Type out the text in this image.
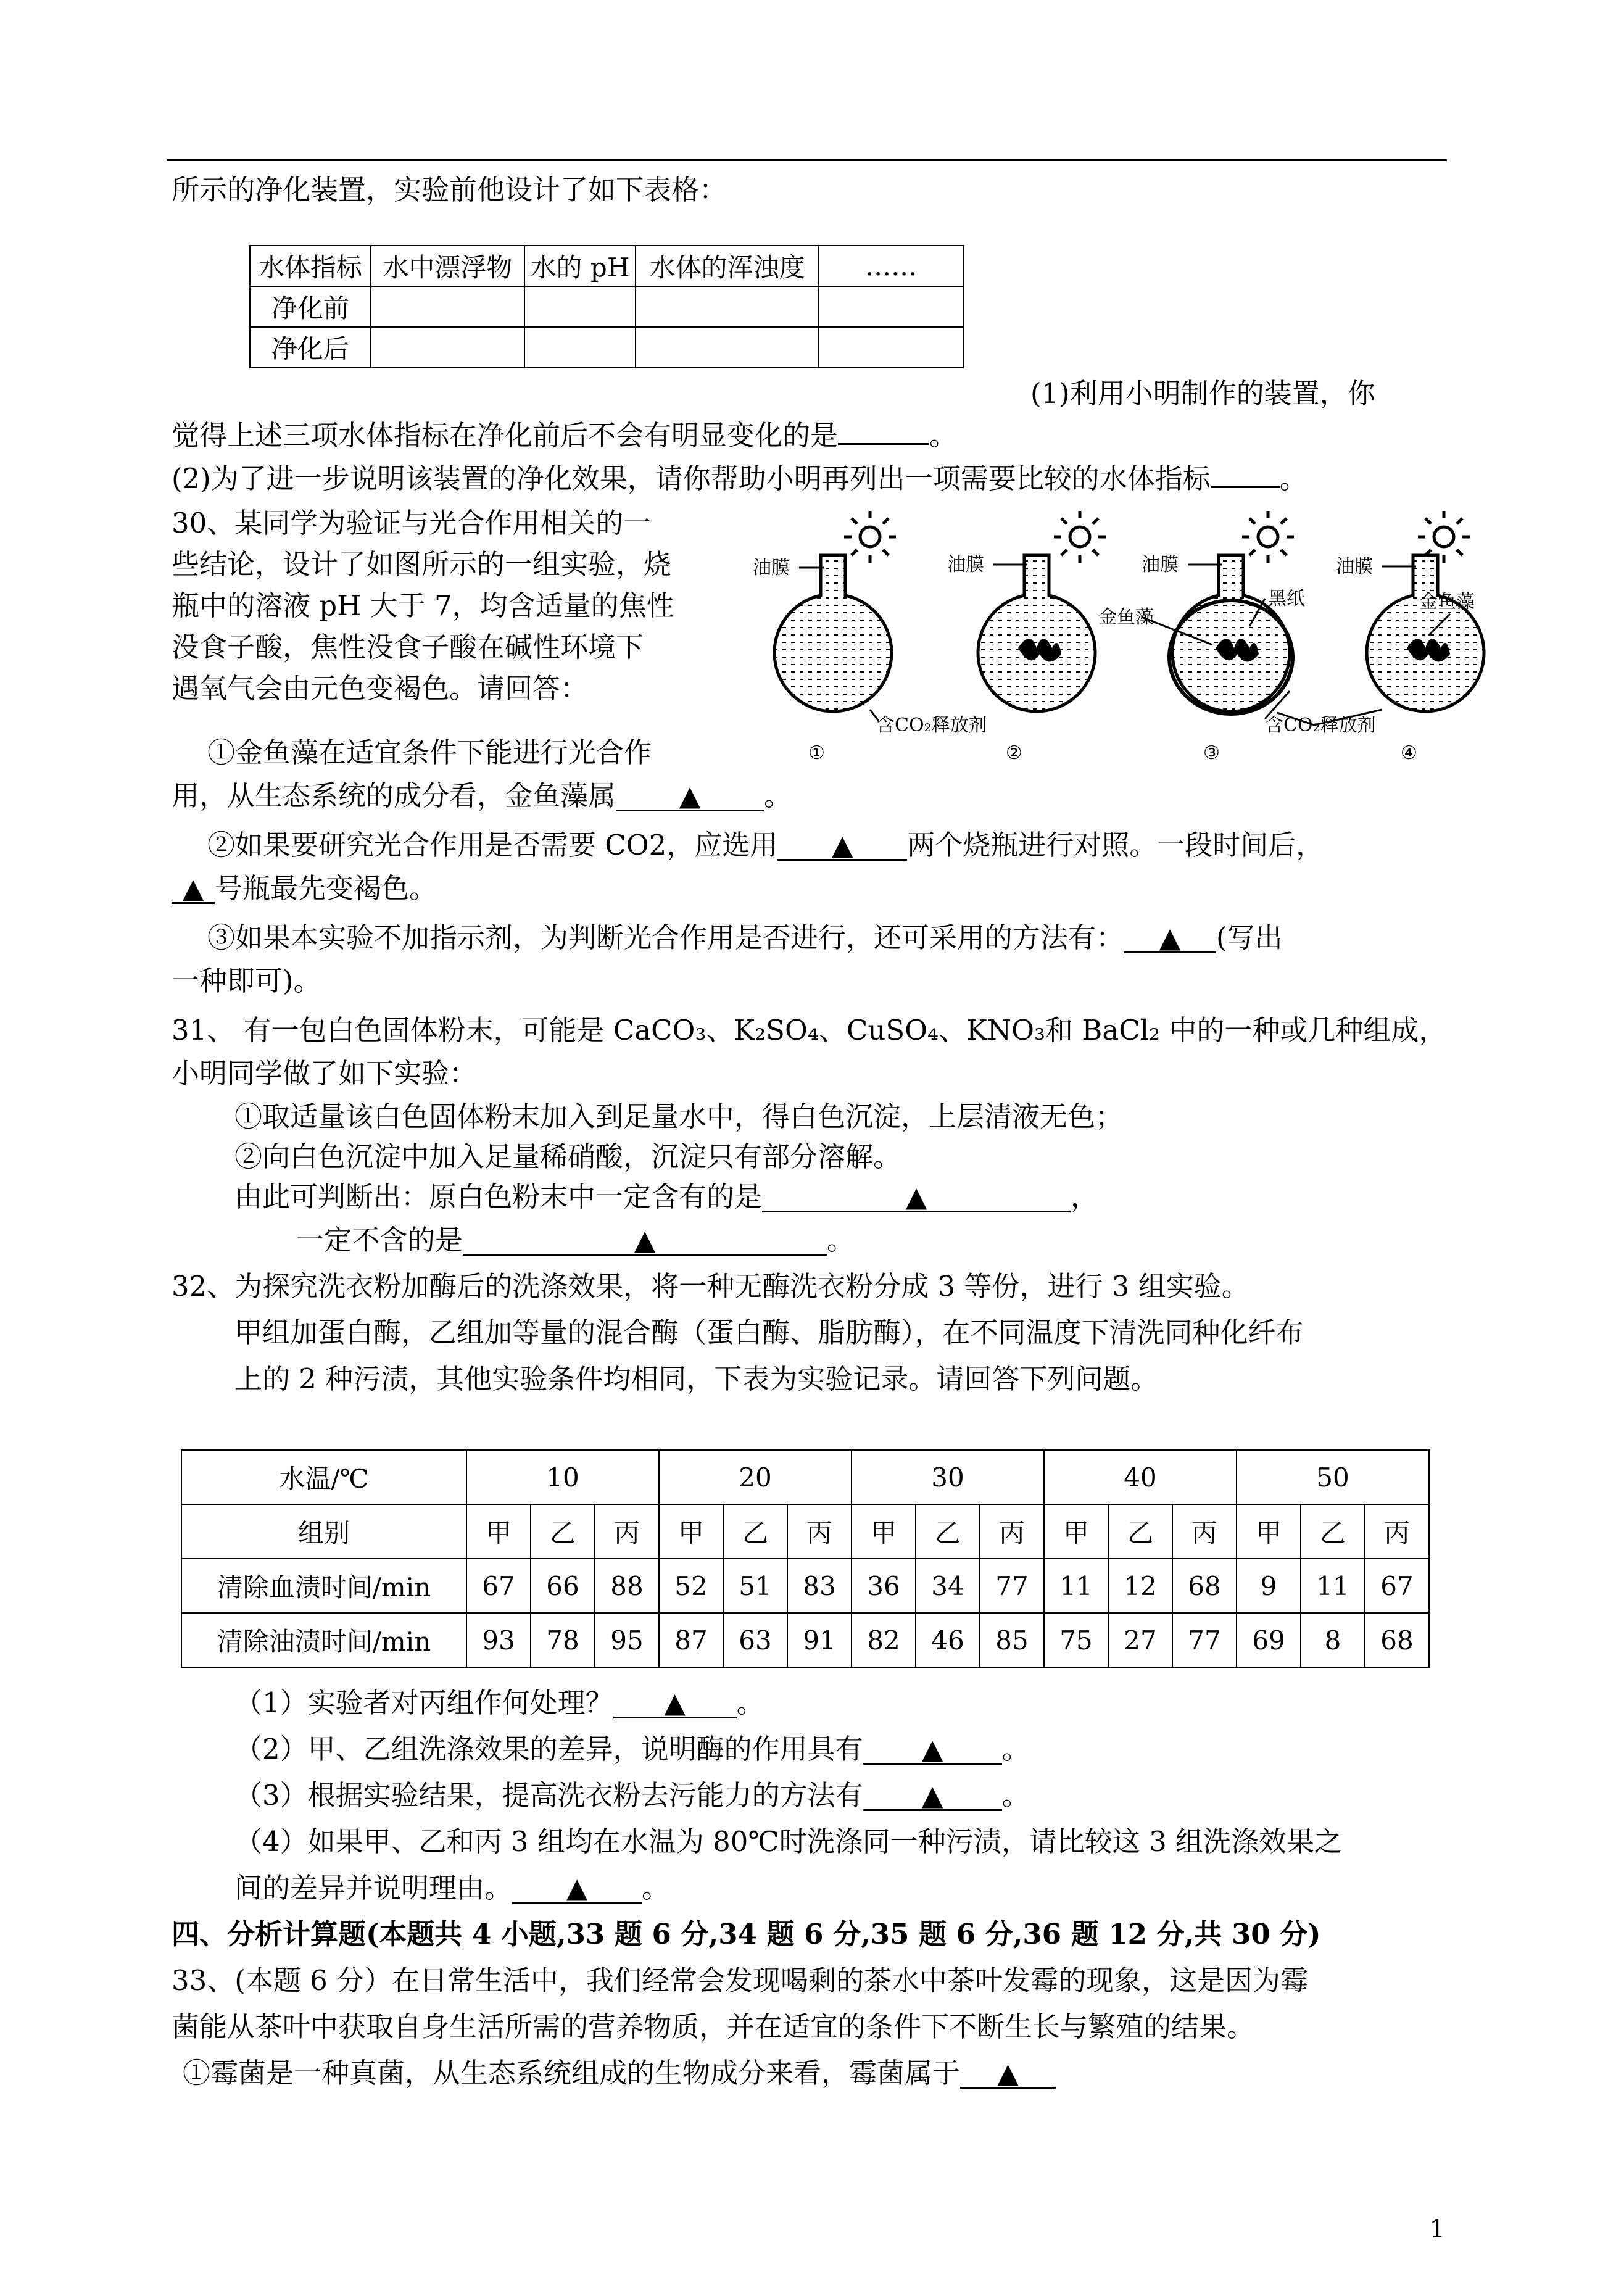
所示的净化装置，实验前他设计了如下表格：
水体指标	水中漂浮物	水的 pH	水体的浑浊度	……
净化前				
净化后				
(1)利用小明制作的装置，你
觉得上述三项水体指标在净化前后不会有明显变化的是	。
(2)为了进一步说明该装置的净化效果，请你帮助小明再列出一项需要比较的水体指标 。
30、某同学为验证与光合作用相关的一
些结论，设计了如图所示的一组实验，烧
瓶中的溶液 pH 大于 7，均含适量的焦性
没食子酸，焦性没食子酸在碱性环境下
遇氧气会由元色变褐色。请回答：
油膜	油膜	油膜	油膜
黑纸
金鱼藻
金鱼藻
含CO₂释放剂	含CO₂释放剂
①	②	③	④
①金鱼藻在适宜条件下能进行光合作
用，从生态系统的成分看，金鱼藻属 ▲ 。
②如果要研究光合作用是否需要 CO2，应选用 ▲ 两个烧瓶进行对照。一段时间后，
▲ 号瓶最先变褐色。
③如果本实验不加指示剂，为判断光合作用是否进行，还可采用的方法有： ▲ (写出
一种即可)。
31、 有一包白色固体粉末，可能是 CaCO₃、K₂SO₄、CuSO₄、KNO₃和 BaCl₂ 中的一种或几种组成，
小明同学做了如下实验：
①取适量该白色固体粉末加入到足量水中，得白色沉淀，上层清液无色；
②向白色沉淀中加入足量稀硝酸，沉淀只有部分溶解。
由此可判断出：原白色粉末中一定含有的是	▲	，
一定不含的是	▲	。
32、为探究洗衣粉加酶后的洗涤效果，将一种无酶洗衣粉分成 3 等份，进行 3 组实验。
甲组加蛋白酶，乙组加等量的混合酶（蛋白酶、脂肪酶），在不同温度下清洗同种化纤布
上的 2 种污渍，其他实验条件均相同，下表为实验记录。请回答下列问题。
水温/℃	10			20			30			40			50		
组别	甲	乙	丙	甲	乙	丙	甲	乙	丙	甲	乙	丙	甲	乙	丙
清除血渍时间/min	67	66	88	52	51	83	36	34	77	11	12	68	9	11	67
清除油渍时间/min	93	78	95	87	63	91	82	46	85	75	27	77	69	8	68
（1）实验者对丙组作何处理？ ▲ 。
（2）甲、乙组洗涤效果的差异，说明酶的作用具有 ▲ 。
（3）根据实验结果，提高洗衣粉去污能力的方法有 ▲ 。
（4）如果甲、乙和丙 3 组均在水温为 80℃时洗涤同一种污渍，请比较这 3 组洗涤效果之
间的差异并说明理由。 ▲ 。
四、分析计算题(本题共 4 小题,33 题 6 分,34 题 6 分,35 题 6 分,36 题 12 分,共 30 分)
33、(本题 6 分）在日常生活中，我们经常会发现喝剩的茶水中茶叶发霉的现象，这是因为霉
菌能从茶叶中获取自身生活所需的营养物质，并在适宜的条件下不断生长与繁殖的结果。
①霉菌是一种真菌，从生态系统组成的生物成分来看，霉菌属于 ▲
1
